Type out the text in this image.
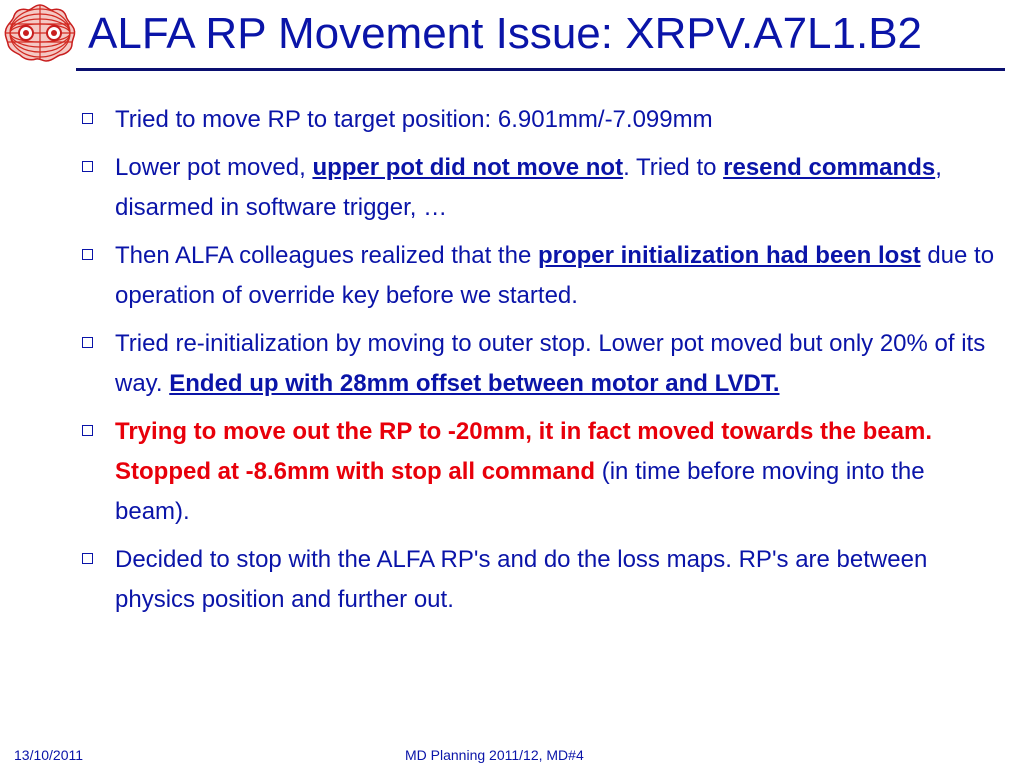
ALFA RP Movement Issue: XRPV.A7L1.B2
Tried to move RP to target position: 6.901mm/-7.099mm
Lower pot moved, upper pot did not move not. Tried to resend commands, disarmed in software trigger, …
Then ALFA colleagues realized that the proper initialization had been lost due to operation of override key before we started.
Tried re-initialization by moving to outer stop. Lower pot moved but only 20% of its way. Ended up with 28mm offset between motor and LVDT.
Trying to move out the RP to -20mm, it in fact moved towards the beam. Stopped at -8.6mm with stop all command (in time before moving into the beam).
Decided to stop with the ALFA RP's and do the loss maps. RP's are between physics position and further out.
13/10/2011	MD Planning 2011/12, MD#4
